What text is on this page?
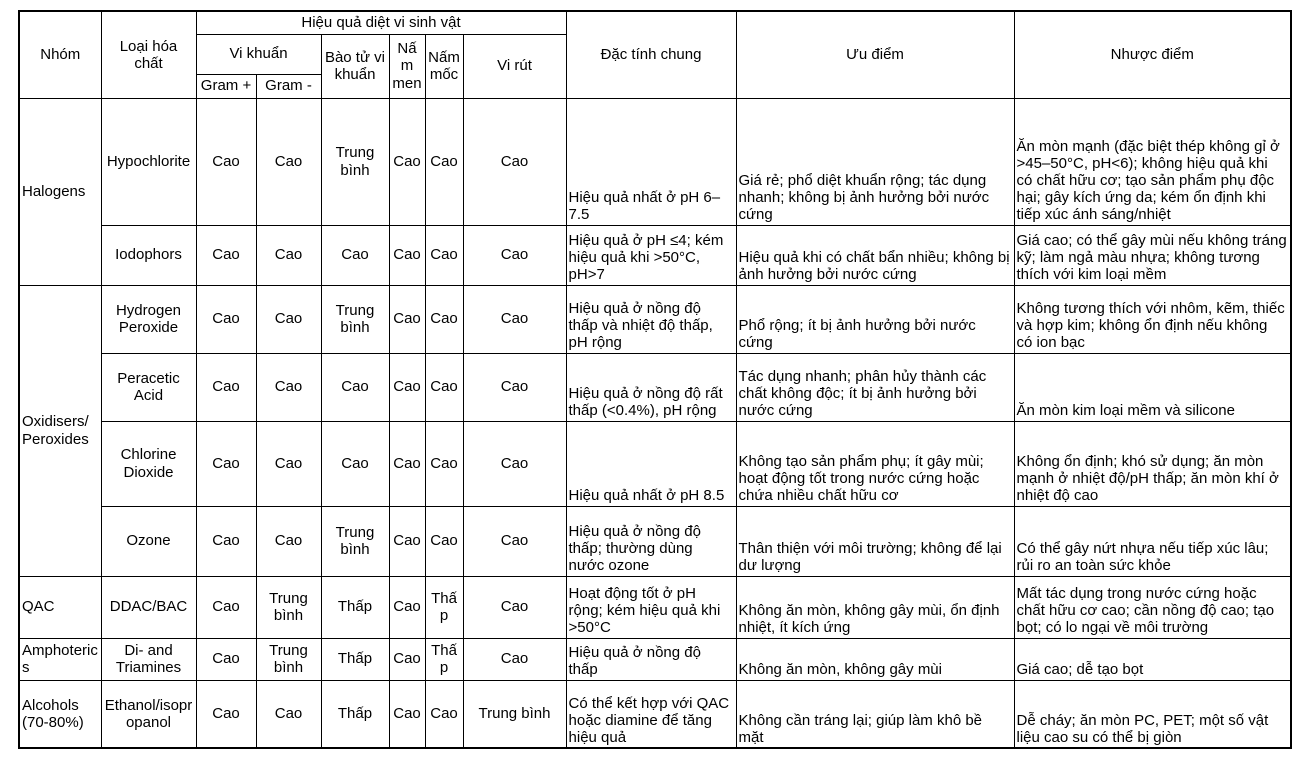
Nhóm	Loại hóa chất	Hiệu quả diệt vi sinh vật						Đặc tính chung	Ưu điểm	Nhược điểm
		Vi khuẩn		Bào tử vi khuẩn	Nấm men	Nấm mốc	Vi rút			
		Gram +	Gram -							
Halogens	Hypochlorite	Cao	Cao	Trung bình	Cao	Cao	Cao	Hiệu quả nhất ở pH 6–7.5	Giá rẻ; phổ diệt khuẩn rộng; tác dụng nhanh; không bị ảnh hưởng bởi nước cứng	Ăn mòn mạnh (đặc biệt thép không gỉ ở >45–50°C, pH<6); không hiệu quả khi có chất hữu cơ; tạo sản phẩm phụ độc hại; gây kích ứng da; kém ổn định khi tiếp xúc ánh sáng/nhiệt
	Iodophors	Cao	Cao	Cao	Cao	Cao	Cao	Hiệu quả ở pH ≤4; kém hiệu quả khi >50°C, pH>7	Hiệu quả khi có chất bẩn nhiều; không bị ảnh hưởng bởi nước cứng	Giá cao; có thể gây mùi nếu không tráng kỹ; làm ngả màu nhựa; không tương thích với kim loại mềm
Oxidisers/Peroxides	Hydrogen Peroxide	Cao	Cao	Trung bình	Cao	Cao	Cao	Hiệu quả ở nồng độ thấp và nhiệt độ thấp, pH rộng	Phổ rộng; ít bị ảnh hưởng bởi nước cứng	Không tương thích với nhôm, kẽm, thiếc và hợp kim; không ổn định nếu không có ion bạc
	Peracetic Acid	Cao	Cao	Cao	Cao	Cao	Cao	Hiệu quả ở nồng độ rất thấp (<0.4%), pH rộng	Tác dụng nhanh; phân hủy thành các chất không độc; ít bị ảnh hưởng bởi nước cứng	Ăn mòn kim loại mềm và silicone
	Chlorine Dioxide	Cao	Cao	Cao	Cao	Cao	Cao	Hiệu quả nhất ở pH 8.5	Không tạo sản phẩm phụ; ít gây mùi; hoạt động tốt trong nước cứng hoặc chứa nhiều chất hữu cơ	Không ổn định; khó sử dụng; ăn mòn mạnh ở nhiệt độ/pH thấp; ăn mòn khí ở nhiệt độ cao
	Ozone	Cao	Cao	Trung bình	Cao	Cao	Cao	Hiệu quả ở nồng độ thấp; thường dùng nước ozone	Thân thiện với môi trường; không để lại dư lượng	Có thể gây nứt nhựa nếu tiếp xúc lâu; rủi ro an toàn sức khỏe
QAC	DDAC/BAC	Cao	Trung bình	Thấp	Cao	Thấp	Cao	Hoạt động tốt ở pH rộng; kém hiệu quả khi >50°C	Không ăn mòn, không gây mùi, ổn định nhiệt, ít kích ứng	Mất tác dụng trong nước cứng hoặc chất hữu cơ cao; cần nồng độ cao; tạo bọt; có lo ngại về môi trường
Amphoterics	Di- and Triamines	Cao	Trung bình	Thấp	Cao	Thấp	Cao	Hiệu quả ở nồng độ thấp	Không ăn mòn, không gây mùi	Giá cao; dễ tạo bọt
Alcohols (70-80%)	Ethanol/isopropanol	Cao	Cao	Thấp	Cao	Cao	Trung bình	Có thể kết hợp với QAC hoặc diamine để tăng hiệu quả	Không cần tráng lại; giúp làm khô bề mặt	Dễ cháy; ăn mòn PC, PET; một số vật liệu cao su có thể bị giòn
